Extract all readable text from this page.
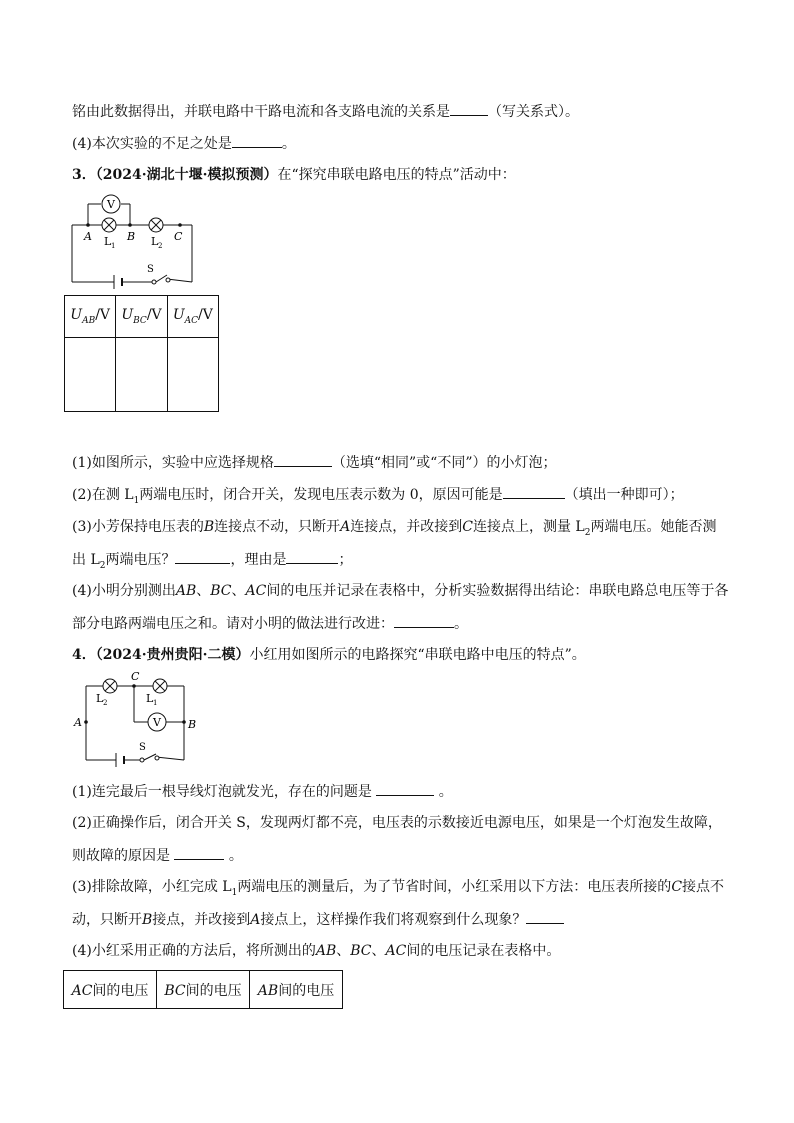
铭由此数据得出，并联电路中干路电流和各支路电流的关系是	（写关系式）。
(4)本次实验的不足之处是	。
3．（2024·湖北十堰·模拟预测）在“探究串联电路电压的特点”活动中：
V
A	B	C
L 1	L 2
S
$U_{AB}/V$	$U_{BC}/V$	$U_{AC}/V$

(1)如图所示，实验中应选择规格	（选填“相同”或“不同”）的小灯泡；
(2)在测 $L_1$两端电压时，闭合开关，发现电压表示数为 0，原因可能是	（填出一种即可）；
(3)小芳保持电压表的B连接点不动，只断开A连接点，并改接到C连接点上，测量 $L_2$两端电压。她能否测
出 $L_2$两端电压？	，理由是	；
(4)小明分别测出AB、BC、AC间的电压并记录在表格中，分析实验数据得出结论：串联电路总电压等于各
部分电路两端电压之和。请对小明的做法进行改进：	。
4．（2024·贵州贵阳·二模）小红用如图所示的电路探究“串联电路中电压的特点”。
V
C
A	B
L 2	L 1
S
(1)连完最后一根导线灯泡就发光，存在的问题是	。
(2)正确操作后，闭合开关 S，发现两灯都不亮，电压表的示数接近电源电压，如果是一个灯泡发生故障，
则故障的原因是	。
(3)排除故障，小红完成 $L_1$两端电压的测量后，为了节省时间，小红采用以下方法：电压表所接的C接点不
动，只断开B接点，并改接到A接点上，这样操作我们将观察到什么现象？
(4)小红采用正确的方法后，将所测出的AB、BC、AC间的电压记录在表格中。
AC间的电压	BC间的电压	AB间的电压
